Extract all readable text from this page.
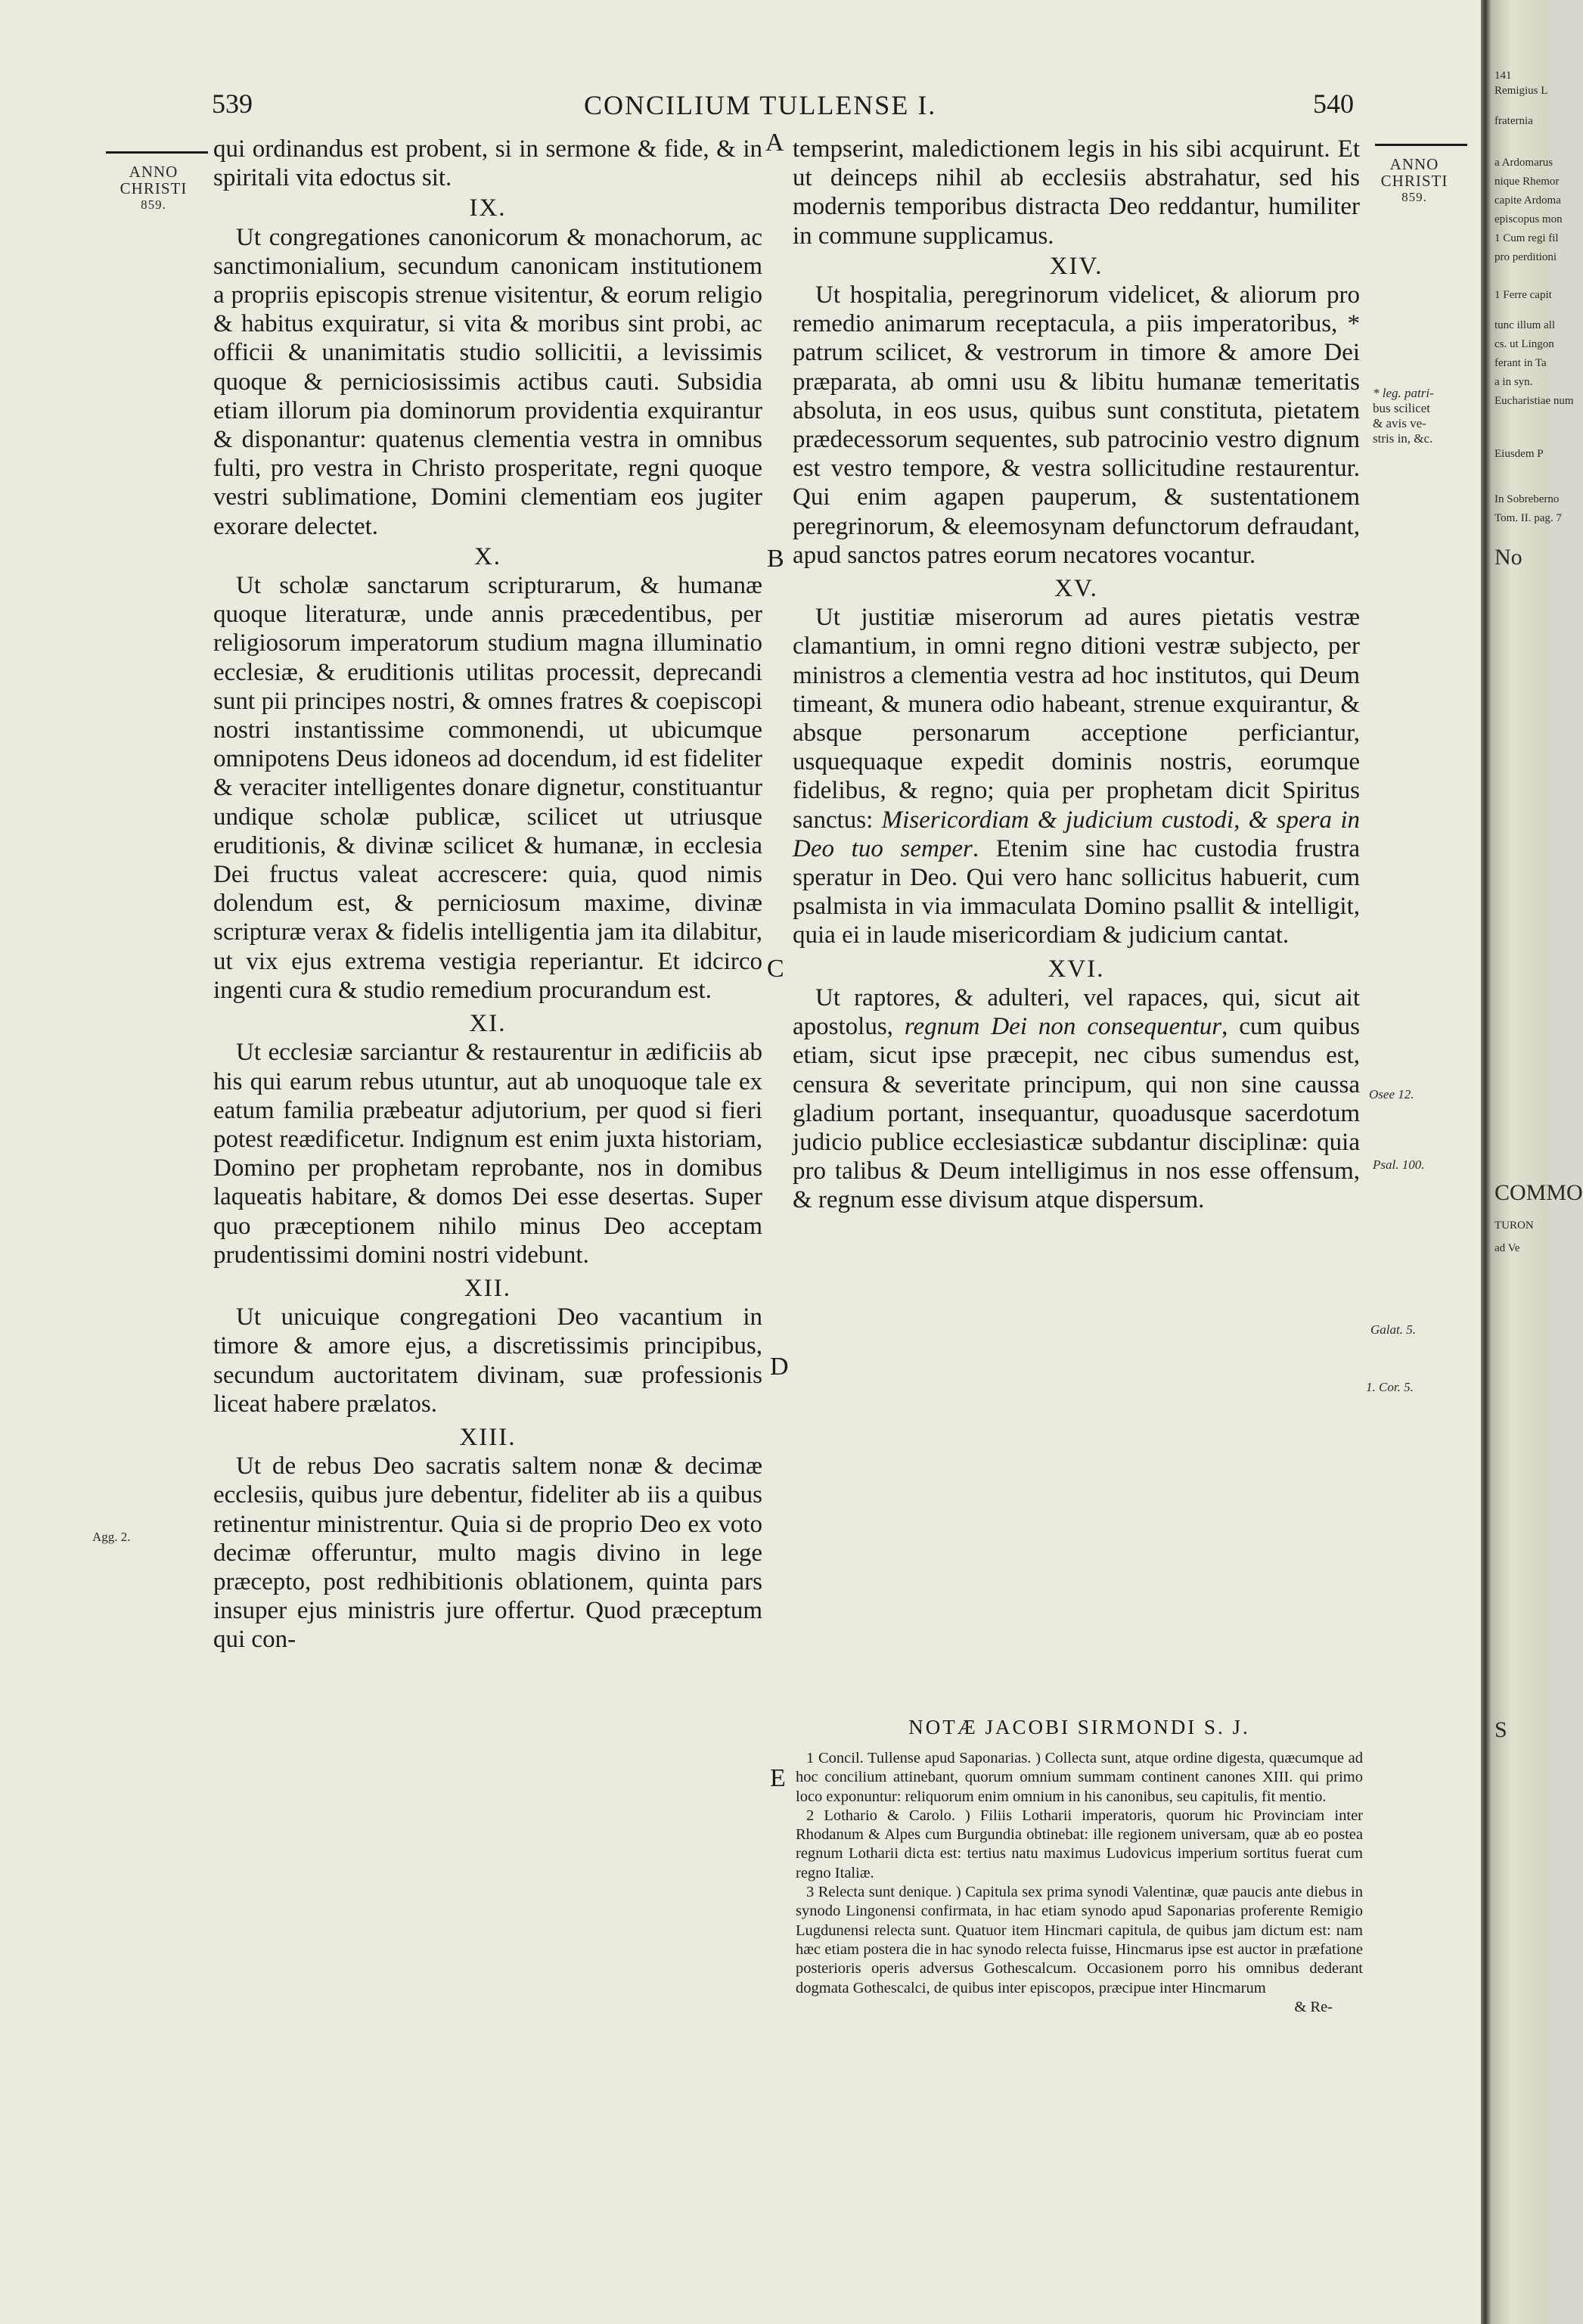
539	CONCILIUM TULLENSE I.	540
ANNO
CHRISTI
859.
Agg. 2.
ANNO
CHRISTI
859.
* leg. patri-
bus scilicet
& avis ve-
stris in, &c.
Osee 12.
Psal. 100.
Galat. 5.
1. Cor. 5.
A
B
C
D
E

qui ordinandus est probent, si in sermone & fide, & in spiritali vita edoctus sit.

IX.

Ut congregationes canonicorum & monachorum, ac sanctimonialium, secundum canonicam institutionem a propriis episcopis strenue visitentur, & eorum religio & habitus exquiratur, si vita & moribus sint probi, ac officii & unanimitatis studio sollicitii, a levissimis quoque & perniciosissimis actibus cauti. Subsidia etiam illorum pia dominorum providentia exquirantur & disponantur: quatenus clementia vestra in omnibus fulti, pro vestra in Christo prosperitate, regni quoque vestri sublimatione, Domini clementiam eos jugiter exorare delectet.

X.

Ut scholæ sanctarum scripturarum, & humanæ quoque literaturæ, unde annis præcedentibus, per religiosorum imperatorum studium magna illuminatio ecclesiæ, & eruditionis utilitas processit, deprecandi sunt pii principes nostri, & omnes fratres & coepiscopi nostri instantissime commonendi, ut ubicumque omnipotens Deus idoneos ad docendum, id est fideliter & veraciter intelligentes donare dignetur, constituantur undique scholæ publicæ, scilicet ut utriusque eruditionis, & divinæ scilicet & humanæ, in ecclesia Dei fructus valeat accrescere: quia, quod nimis dolendum est, & perniciosum maxime, divinæ scripturæ verax & fidelis intelligentia jam ita dilabitur, ut vix ejus extrema vestigia reperiantur. Et idcirco ingenti cura & studio remedium procurandum est.

XI.

Ut ecclesiæ sarciantur & restaurentur in ædificiis ab his qui earum rebus utuntur, aut ab unoquoque tale ex eatum familia præbeatur adjutorium, per quod si fieri potest reædificetur. Indignum est enim juxta historiam, Domino per prophetam reprobante, nos in domibus laqueatis habitare, & domos Dei esse desertas. Super quo præceptionem nihilo minus Deo acceptam prudentissimi domini nostri videbunt.

XII.

Ut unicuique congregationi Deo vacantium in timore & amore ejus, a discretissimis principibus, secundum auctoritatem divinam, suæ professionis liceat habere prælatos.

XIII.

Ut de rebus Deo sacratis saltem nonæ & decimæ ecclesiis, quibus jure debentur, fideliter ab iis a quibus retinentur ministrentur. Quia si de proprio Deo ex voto decimæ offeruntur, multo magis divino in lege præcepto, post redhibitionis oblationem, quinta pars insuper ejus ministris jure offertur. Quod præceptum qui con-

tempserint, maledictionem legis in his sibi acquirunt. Et ut deinceps nihil ab ecclesiis abstrahatur, sed his modernis temporibus distracta Deo reddantur, humiliter in commune supplicamus.

XIV.

Ut hospitalia, peregrinorum videlicet, & aliorum pro remedio animarum receptacula, a piis imperatoribus, * patrum scilicet, & vestrorum in timore & amore Dei præparata, ab omni usu & libitu humanæ temeritatis absoluta, in eos usus, quibus sunt constituta, pietatem prædecessorum sequentes, sub patrocinio vestro dignum est vestro tempore, & vestra sollicitudine restaurentur. Qui enim agapen pauperum, & sustentationem peregrinorum, & eleemosynam defunctorum defraudant, apud sanctos patres eorum necatores vocantur.

XV.

Ut justitiæ miserorum ad aures pietatis vestræ clamantium, in omni regno ditioni vestræ subjecto, per ministros a clementia vestra ad hoc institutos, qui Deum timeant, & munera odio habeant, strenue exquirantur, & absque personarum acceptione perficiantur, usquequaque expedit dominis nostris, eorumque fidelibus, & regno; quia per prophetam dicit Spiritus sanctus: Misericordiam & judicium custodi, & spera in Deo tuo semper. Etenim sine hac custodia frustra speratur in Deo. Qui vero hanc sollicitus habuerit, cum psalmista in via immaculata Domino psallit & intelligit, quia ei in laude misericordiam & judicium cantat.

XVI.

Ut raptores, & adulteri, vel rapaces, qui, sicut ait apostolus, regnum Dei non consequentur, cum quibus etiam, sicut ipse præcepit, nec cibus sumendus est, censura & severitate principum, qui non sine caussa gladium portant, insequantur, quoadusque sacerdotum judicio publice ecclesiasticæ subdantur disciplinæ: quia pro talibus & Deum intelligimus in nos esse offensum, & regnum esse divisum atque dispersum.

NOTÆ JACOBI SIRMONDI S. J.

1 Concil. Tullense apud Saponarias. ) Collecta sunt, atque ordine digesta, quæcumque ad hoc concilium attinebant, quorum omnium summam continent canones XIII. qui primo loco exponuntur: reliquorum enim omnium in his canonibus, seu capitulis, fit mentio.

2 Lothario & Carolo. ) Filiis Lotharii imperatoris, quorum hic Provinciam inter Rhodanum & Alpes cum Burgundia obtinebat: ille regionem universam, quæ ab eo postea regnum Lotharii dicta est: tertius natu maximus Ludovicus imperium sortitus fuerat cum regno Italiæ.

3 Relecta sunt denique. ) Capitula sex prima synodi Valentinæ, quæ paucis ante diebus in synodo Lingonensi confirmata, in hac etiam synodo apud Saponarias proferente Remigio Lugdunensi relecta sunt. Quatuor item Hincmari capitula, de quibus jam dictum est: nam hæc etiam postera die in hac synodo relecta fuisse, Hincmarus ipse est auctor in præfatione posterioris operis adversus Gothescalcum. Occasionem porro his omnibus dederant dogmata Gothescalci, de quibus inter episcopos, præcipue inter Hincmarum

& Re-
141
Remigius L
fraternia
a Ardomarus
nique Rhemor
capite Ardoma
episcopus mon
1 Cum regi fil
pro perditioni
1 Ferre capit
tunc illum all
cs. ut Lingon
ferant in Ta
a in syn.
Eucharistiae num
Eiusdem P
In Sobreberno
Tom. II. pag. 7
No
COMMO
TURON
ad Ve
S
